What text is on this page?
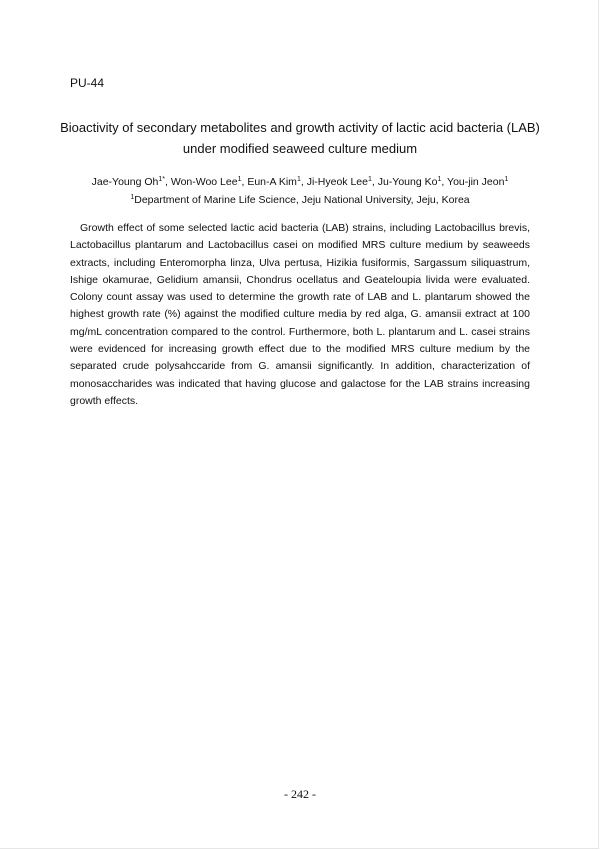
PU-44
Bioactivity of secondary metabolites and growth activity of lactic acid bacteria (LAB)
under modified seaweed culture medium
Jae-Young $Oh^{1*}$, Won-Woo Lee$^1$, Eun-A Kim$^1$, Ji-Hyeok Lee$^1$, Ju-Young Ko$^1$, You-jin Jeon$^1$
$^1$Department of Marine Life Science, Jeju National University, Jeju, Korea

Growth effect of some selected lactic acid bacteria (LAB) strains, including Lactobacillus brevis, Lactobacillus plantarum and Lactobacillus casei on modified MRS culture medium by seaweeds extracts, including Enteromorpha linza, Ulva pertusa, Hizikia fusiformis, Sargassum siliquastrum, Ishige okamurae, Gelidium amansii, Chondrus ocellatus and Geateloupia livida were evaluated. Colony count assay was used to determine the growth rate of LAB and L. plantarum showed the highest growth rate (%) against the modified culture media by red alga, G. amansii extract at 100 mg/mL concentration compared to the control. Furthermore, both L. plantarum and L. casei strains were evidenced for increasing growth effect due to the modified MRS culture medium by the separated crude polysahccaride from G. amansii significantly. In addition, characterization of monosaccharides was indicated that having glucose and galactose for the LAB strains increasing growth effects.

- 242 -
